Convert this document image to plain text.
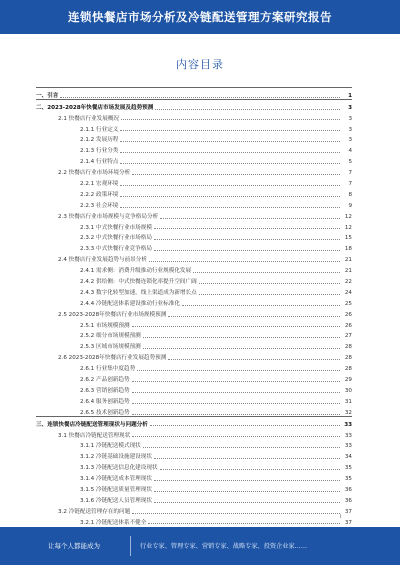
连锁快餐店市场分析及冷链配送管理方案研究报告
内容目录
一、引言	1
二、2023-2028年快餐店市场发展及趋势预测	3
2.1 快餐店行业发展概况	3
2.1.1 行业定义	3
2.1.2 发展历程	3
2.1.3 行业分类	4
2.1.4 行业特点	5
2.2 快餐店行业市场环境分析	7
2.2.1 宏观环境	7
2.2.2 政策环境	8
2.2.3 社会环境	9
2.3 快餐店行业市场规模与竞争格局分析	12
2.3.1 中式快餐行业市场规模	12
2.3.2 中式快餐行业市场格局	15
2.3.3 中式快餐行业竞争格局	18
2.4 快餐店行业发展趋势与前景分析	21
2.4.1 需求侧：消费升级推动行业规模化发展	21
2.4.2 供给侧：中式快餐连锁化率提升空间广阔	22
2.4.3 数字化转型加速，线上渠道成为新增长点	24
2.4.4 冷链配送体系建设推动行业标准化	25
2.5 2023-2028年快餐店行业市场规模预测	26
2.5.1 市场规模预测	26
2.5.2 细分市场规模预测	27
2.5.3 区域市场规模预测	28
2.6 2023-2028年快餐店行业发展趋势预测	28
2.6.1 行业集中度趋势	28
2.6.2 产品创新趋势	29
2.6.3 营销创新趋势	30
2.6.4 服务创新趋势	31
2.6.5 技术创新趋势	32
三、连锁快餐店冷链配送管理现状与问题分析	33
3.1 快餐店冷链配送管理现状	33
3.1.1 冷链配送模式现状	33
3.1.2 冷链基础设施建设现状	34
3.1.3 冷链配送信息化建设现状	35
3.1.4 冷链配送成本管理现状	35
3.1.5 冷链配送质量管理现状	36
3.1.6 冷链配送人员管理现状	36
3.2 冷链配送管理存在的问题	37
3.2.1 冷链配送体系不健全	37
I
让每个人都能成为	行业专家、管理专家、营销专家、战略专家、投资企业家……
